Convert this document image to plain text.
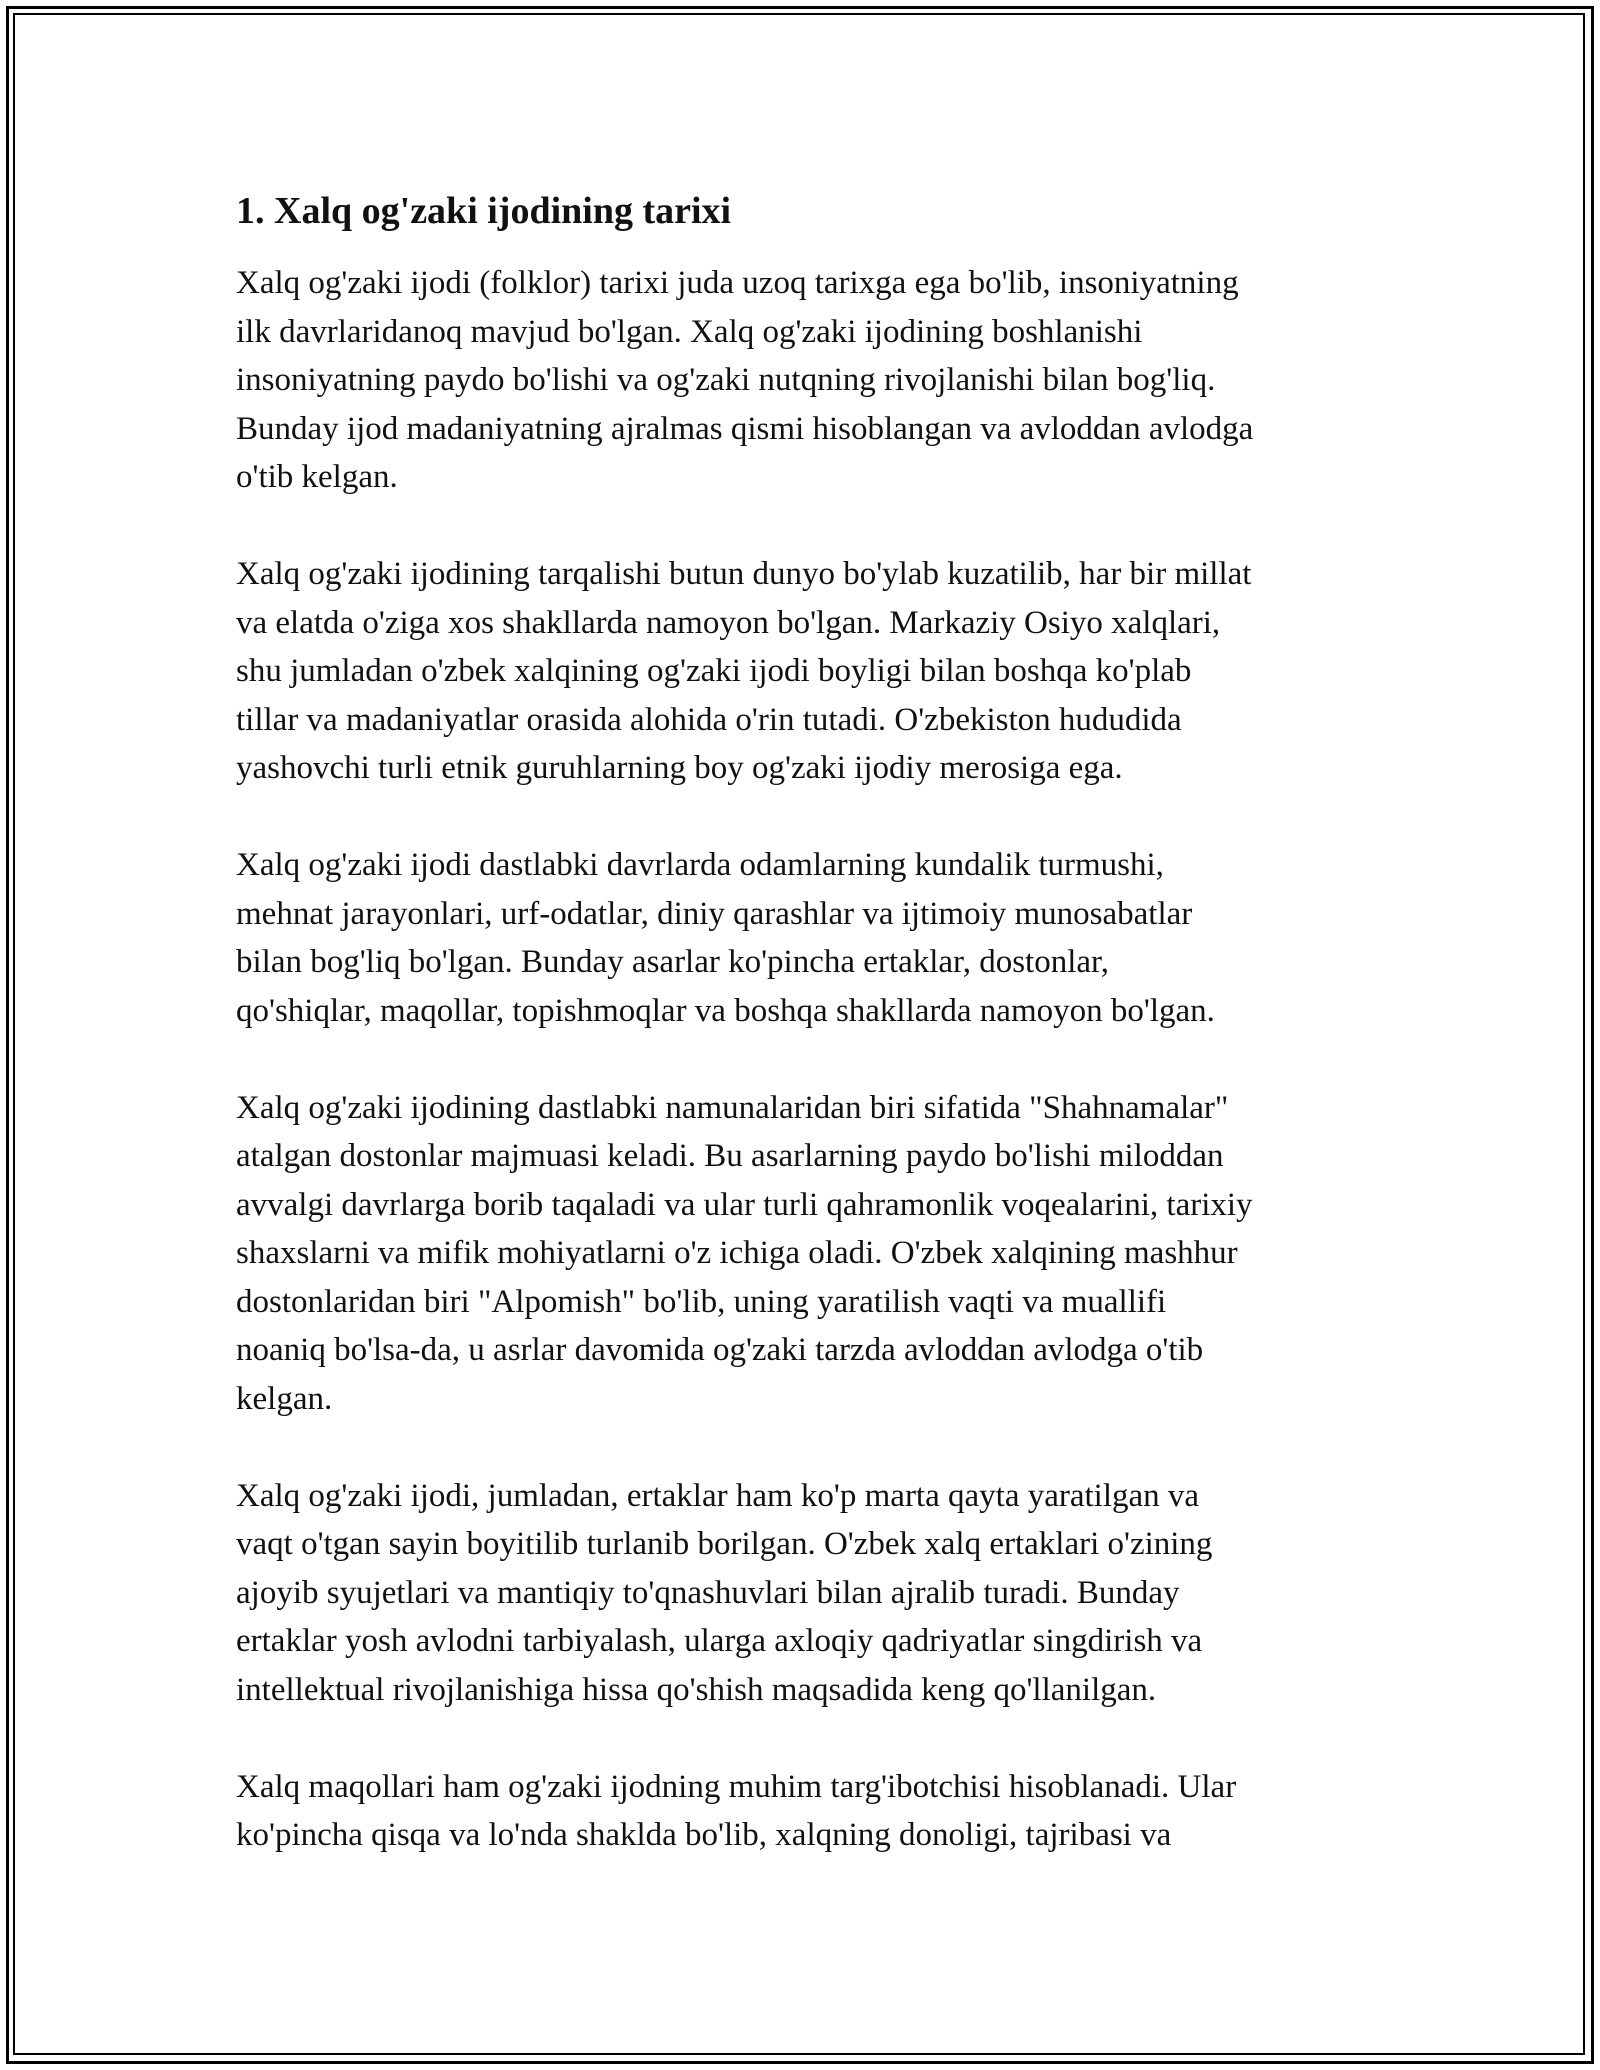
1. Xalq og'zaki ijodining tarixi

Xalq og'zaki ijodi (folklor) tarixi juda uzoq tarixga ega bo'lib, insoniyatning
ilk davrlaridanoq mavjud bo'lgan. Xalq og'zaki ijodining boshlanishi
insoniyatning paydo bo'lishi va og'zaki nutqning rivojlanishi bilan bog'liq.
Bunday ijod madaniyatning ajralmas qismi hisoblangan va avloddan avlodga
o'tib kelgan.

Xalq og'zaki ijodining tarqalishi butun dunyo bo'ylab kuzatilib, har bir millat
va elatda o'ziga xos shakllarda namoyon bo'lgan. Markaziy Osiyo xalqlari,
shu jumladan o'zbek xalqining og'zaki ijodi boyligi bilan boshqa ko'plab
tillar va madaniyatlar orasida alohida o'rin tutadi. O'zbekiston hududida
yashovchi turli etnik guruhlarning boy og'zaki ijodiy merosiga ega.

Xalq og'zaki ijodi dastlabki davrlarda odamlarning kundalik turmushi,
mehnat jarayonlari, urf-odatlar, diniy qarashlar va ijtimoiy munosabatlar
bilan bog'liq bo'lgan. Bunday asarlar ko'pincha ertaklar, dostonlar,
qo'shiqlar, maqollar, topishmoqlar va boshqa shakllarda namoyon bo'lgan.

Xalq og'zaki ijodining dastlabki namunalaridan biri sifatida "Shahnamalar"
atalgan dostonlar majmuasi keladi. Bu asarlarning paydo bo'lishi miloddan
avvalgi davrlarga borib taqaladi va ular turli qahramonlik voqealarini, tarixiy
shaxslarni va mifik mohiyatlarni o'z ichiga oladi. O'zbek xalqining mashhur
dostonlaridan biri "Alpomish" bo'lib, uning yaratilish vaqti va muallifi
noaniq bo'lsa-da, u asrlar davomida og'zaki tarzda avloddan avlodga o'tib
kelgan.

Xalq og'zaki ijodi, jumladan, ertaklar ham ko'p marta qayta yaratilgan va
vaqt o'tgan sayin boyitilib turlanib borilgan. O'zbek xalq ertaklari o'zining
ajoyib syujetlari va mantiqiy to'qnashuvlari bilan ajralib turadi. Bunday
ertaklar yosh avlodni tarbiyalash, ularga axloqiy qadriyatlar singdirish va
intellektual rivojlanishiga hissa qo'shish maqsadida keng qo'llanilgan.

Xalq maqollari ham og'zaki ijodning muhim targ'ibotchisi hisoblanadi. Ular
ko'pincha qisqa va lo'nda shaklda bo'lib, xalqning donoligi, tajribasi va
